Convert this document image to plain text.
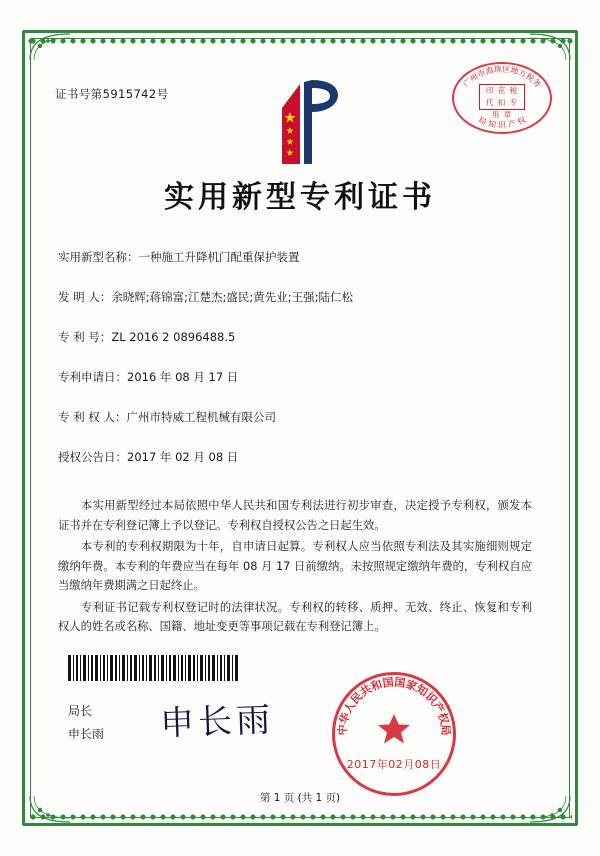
证书号第5915742号
广州市海珠区地方税务
局 知 识 产 权
印 花 税
代 扣 专 用 章
实用新型专利证书
实用新型名称：一种施工升降机门配重保护装置
发 明 人：余晓辉;蒋锦富;江楚杰;盛民;黄先业;王强;陆仁松
专 利 号：ZL 2016 2 0896488.5
专利申请日：2016 年 08 月 17 日
专 利 权 人：广州市特威工程机械有限公司
授权公告日：2017 年 02 月 08 日

本实用新型经过本局依照中华人民共和国专利法进行初步审查，决定授予专利权，颁发本证书并在专利登记簿上予以登记。专利权自授权公告之日起生效。

本专利的专利权期限为十年，自申请日起算。专利权人应当依照专利法及其实施细则规定缴纳年费。本专利的年费应当在每年 08 月 17 日前缴纳。未按照规定缴纳年费的，专利权自应当缴纳年费期满之日起终止。

专利证书记载专利权登记时的法律状况。专利权的转移、质押、无效、终止、恢复和专利权人的姓名或名称、国籍、地址变更等事项记载在专利登记簿上。

局长
申长雨 申长雨	中华人民共和国国家知识产权局
2017年02月08日
第 1 页 (共 1 页)
